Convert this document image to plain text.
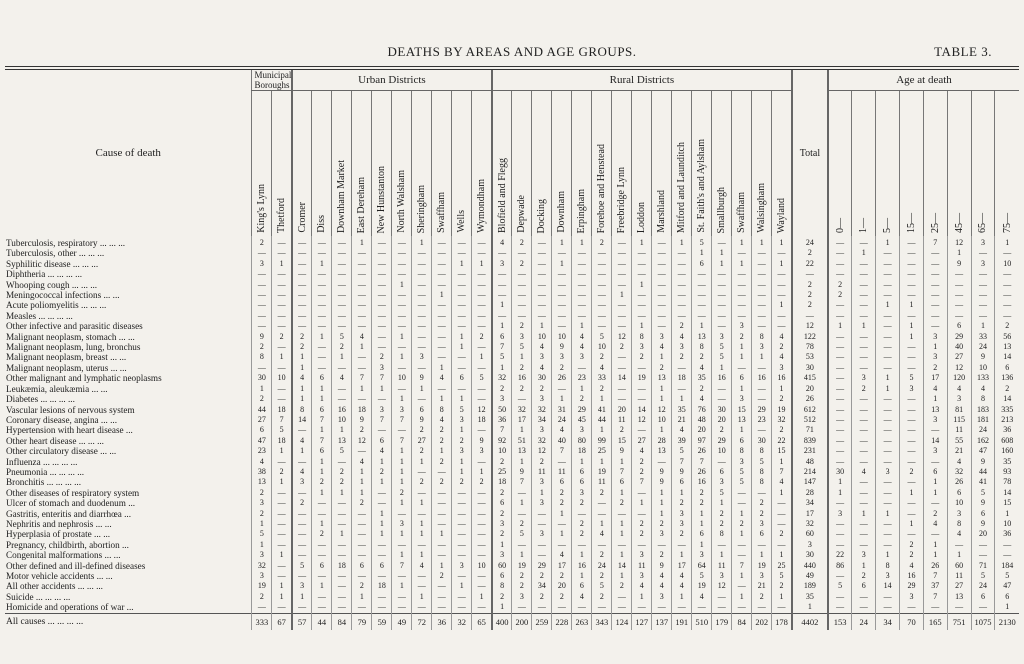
DEATHS BY AREAS AND AGE GROUPS.	TABLE 3.
Cause of death	Municipal Boroughs		Urban Districts										Rural Districts															Total	Age at death							

	King's Lynn	Thetford	Cromer	Diss	Downham Market	East Dereham	New Hunstanton	North Walsham	Sheringham	Swaffham	Wells	Wymondham	Blofield and Flegg	Depwade	Docking	Downham	Erpingham	Forehoe and Henstead	Freebridge Lynn	Loddon	Marshland	Mitford and Launditch	St. Faith's and Aylsham	Smallburgh	Swaffham	Walsingham	Wayland		0—	1—	5—	15—	25—	45—	65—	75—

Tuberculosis, respiratory ... ... ...	2	—	—	—	—	1	—	—	1	—	—	—	4	2	—	1	1	2	—	1	—	1	5	—	1	1	1	24	—	—	1	—	7	12	3	1
Tuberculosis, other ... ... ...	—	—	—	—	—	—	—	—	—	—	—	—	—	—	—	—	—	—	—	—	—	—	1	1	—	—	—	2	—	1	—	—	—	1	—	—
Syphilitic disease ... ... ...	3	1	—	1	—	—	—	—	—	—	1	1	3	2	—	1	—	—	—	—	—	—	6	1	1	—	1	22	—	—	—	—	—	9	3	10
Diphtheria ... ... ... ...	—	—	—	—	—	—	—	—	—	—	—	—	—	—	—	—	—	—	—	—	—	—	—	—	—	—	—	—	—	—	—	—	—	—	—	—
Whooping cough ... ... ...	—	—	—	—	—	—	—	1	—	—	—	—	—	—	—	—	—	—	—	1	—	—	—	—	—	—	—	2	2	—	—	—	—	—	—	—
Meningococcal infections ... ...	—	—	—	—	—	—	—	—	—	1	—	—	—	—	—	—	—	—	1	—	—	—	—	—	—	—	—	2	2	—	—	—	—	—	—	—
Acute poliomyelitis ... ... ...	—	—	—	—	—	—	—	—	—	—	—	—	1	—	—	—	—	—	—	—	—	—	—	—	—	—	1	2	—	—	1	1	—	—	—	—
Measles ... ... ... ...	—	—	—	—	—	—	—	—	—	—	—	—	—	—	—	—	—	—	—	—	—	—	—	—	—	—	—	—	—	—	—	—	—	—	—	—
Other infective and parasitic diseases	—	—	—	—	—	—	—	—	—	—	—	—	1	2	1	—	1	—	—	1	—	2	1	—	3	—	—	12	1	1	—	1	—	6	1	2
Malignant neoplasm, stomach ... ...	9	2	2	1	5	4	—	1	—	—	1	2	6	3	10	10	4	5	12	8	3	4	13	3	2	8	4	122	—	—	—	1	3	29	33	56
Malignant neoplasm, lung, bronchus	2	—	2	—	2	1	—	—	—	—	1	—	7	5	4	9	4	10	2	3	4	3	8	5	1	3	2	78	—	—	—	—	1	40	24	13
Malignant neoplasm, breast ... ...	8	1	1	—	1	—	2	1	3	—	—	1	5	1	3	3	3	2	—	2	1	2	2	5	1	1	4	53	—	—	—	—	3	27	9	14
Malignant neoplasm, uterus ... ...	—	—	1	—	—	—	3	—	—	1	—	—	1	2	4	2	—	4	—	—	2	—	4	1	—	—	3	30	—	—	—	—	2	12	10	6
Other malignant and lymphatic neoplasms	30	10	4	6	4	7	7	10	9	4	6	5	32	16	30	26	23	33	14	19	13	18	35	16	6	16	16	415	—	3	1	5	17	120	133	136
Leukæmia, aleukæmia ... ...	1	—	1	1	—	1	1	—	1	—	—	—	2	2	2	—	1	2	—	—	1	—	2	—	1	—	1	20	—	2	1	3	4	4	4	2
Diabetes ... ... ... ...	2	—	1	1	—	—	—	1	—	1	1	—	3	—	3	1	2	1	—	—	1	1	4	—	3	—	2	26	—	—	—	—	1	3	8	14
Vascular lesions of nervous system	44	18	8	6	16	18	3	3	6	8	5	12	50	32	32	31	29	41	20	14	12	35	76	30	15	29	19	612	—	—	—	—	13	81	183	335
Coronary disease, angina ... ...	27	7	14	7	10	9	7	7	9	4	3	18	36	17	34	24	45	44	11	12	10	21	48	20	13	23	32	512	—	—	—	—	3	115	181	213
Hypertension with heart disease ...	6	5	—	1	1	2	—	—	2	2	1	—	7	1	3	4	3	1	2	—	1	4	20	2	1	—	2	71	—	—	—	—	—	11	24	36
Other heart disease ... ... ...	47	18	4	7	13	12	6	7	27	2	2	9	92	51	32	40	80	99	15	27	28	39	97	29	6	30	22	839	—	—	—	—	14	55	162	608
Other circulatory disease ... ...	23	1	1	6	5	—	4	1	2	1	3	3	10	13	12	7	18	25	9	4	13	5	26	10	8	8	15	231	—	—	—	—	3	21	47	160
Influenza ... ... ... ...	4	—	—	1	—	4	1	1	1	2	1	—	2	1	2	—	1	1	1	2	—	7	7	—	3	5	1	48	—	—	—	—	—	4	9	35
Pneumonia ... ... ... ...	38	2	4	1	2	1	2	1	—	—	1	1	25	9	11	11	6	19	7	2	9	9	26	6	5	8	7	214	30	4	3	2	6	32	44	93
Bronchitis ... ... ... ...	13	1	3	2	2	1	1	1	2	2	2	2	18	7	3	6	6	11	6	7	9	6	16	3	5	8	4	147	1	—	—	—	1	26	41	78
Other diseases of respiratory system	2	—	—	1	1	1	—	2	—	—	—	—	2	—	1	2	3	2	1	—	1	1	2	5	—	—	1	28	1	—	—	1	1	6	5	14
Ulcer of stomach and duodenum ...	3	—	2	—	—	2	—	1	1	—	—	—	6	1	3	2	2	—	2	1	1	2	2	1	—	2	—	34	—	—	—	—	—	10	9	15
Gastritis, enteritis and diarrhœa ...	2	—	—	—	—	—	1	—	—	—	—	—	2	—	—	1	—	—	—	—	1	3	1	2	1	2	—	17	3	1	1	—	2	3	6	1
Nephritis and nephrosis ... ...	1	—	—	1	—	—	1	3	1	—	—	—	3	2	—	—	2	1	1	2	2	3	1	2	2	3	—	32	—	—	—	1	4	8	9	10
Hyperplasia of prostate ... ...	5	—	—	2	1	—	1	1	1	1	—	—	2	5	3	1	2	4	1	2	3	2	6	8	1	6	2	60	—	—	—	—	—	4	20	36
Pregnancy, childbirth, abortion ...	1	—	—	—	—	—	—	—	—	—	—	—	1	—	—	—	—	—	—	—	—	—	1	—	—	—	—	3	—	—	—	2	1	—	—	—
Congenital malformations ... ...	3	1	—	—	—	—	—	1	1	—	—	—	3	1	—	4	1	2	1	3	2	1	3	1	—	1	1	30	22	3	1	2	1	1	—	—
Other defined and ill-defined diseases	32	—	5	6	18	6	6	7	4	1	3	10	60	19	29	17	16	24	14	11	9	17	64	11	7	19	25	440	86	1	8	4	26	60	71	184
Motor vehicle accidents ... ...	3	—	—	—	—	—	—	—	—	2	—	—	6	2	2	2	1	2	1	3	4	4	5	3	1	3	5	49	—	2	3	16	7	11	5	5
All other accidents ... ... ...	19	1	3	1	—	2	18	1	—	—	1	—	8	2	34	20	6	5	2	4	4	4	19	12	—	21	2	189	5	6	14	29	37	27	24	47
Suicide ... ... ... ...	2	1	1	—	—	1	—	—	1	—	—	1	2	3	2	2	4	2	—	1	3	1	4	—	1	2	1	35	—	—	—	3	7	13	6	6
Homicide and operations of war ...	—	—	—	—	—	—	—	—	—	—	—	—	1	—	—	—	—	—	—	—	—	—	—	—	—	—	—	1	—	—	—	—	—	—	—	1
All causes ... ... ... ...	333	67	57	44	84	79	59	49	72	36	32	65	400	200	259	228	263	343	124	127	137	191	510	179	84	202	178	4402	153	24	34	70	165	751	1075	2130
